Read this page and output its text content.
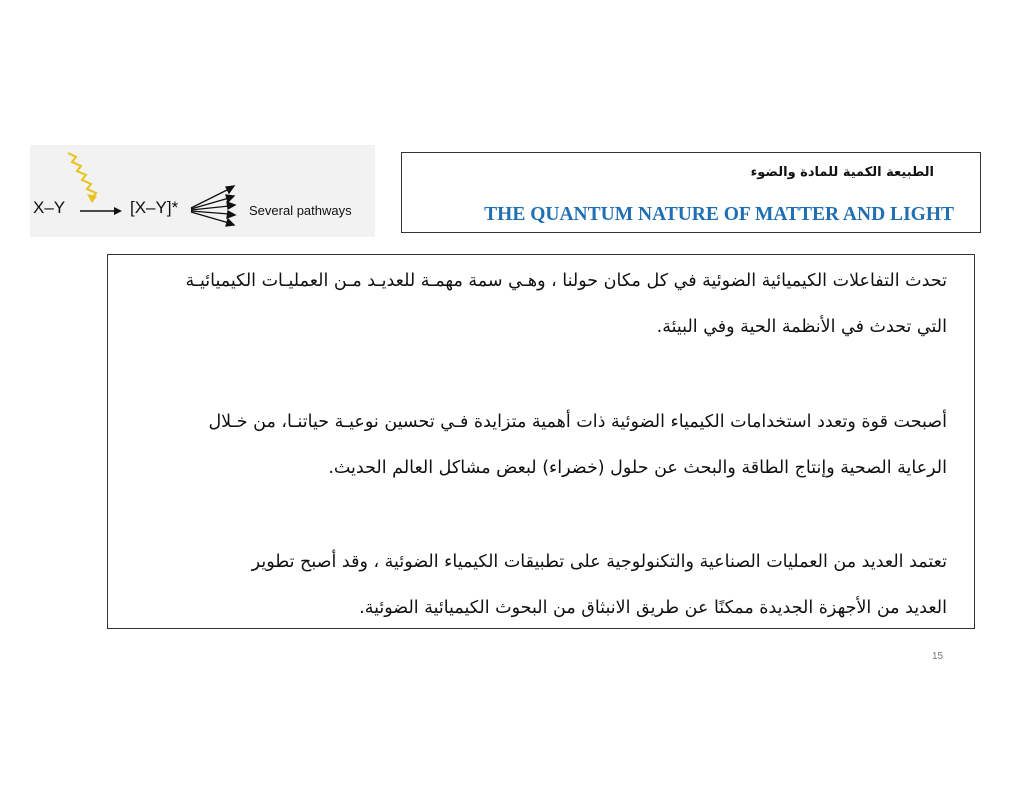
X–Y	[X–Y]*	Several pathways
الطبيعة الكمية للمادة والضوء
THE QUANTUM NATURE OF MATTER AND LIGHT
تحدث التفاعلات الكيميائية الضوئية في كل مكان حولنا ، وهـي سمة مهمـة للعديـد مـن العمليـات الكيميائيـة
التي تحدث في الأنظمة الحية وفي البيئة.
أصبحت قوة وتعدد استخدامات الكيمياء الضوئية ذات أهمية متزايدة فـي تحسين نوعيـة حياتنـا، من خـلال
الرعاية الصحية وإنتاج الطاقة والبحث عن حلول (خضراء) لبعض مشاكل العالم الحديث.
تعتمد العديد من العمليات الصناعية والتكنولوجية على تطبيقات الكيمياء الضوئية ، وقد أصبح تطوير
العديد من الأجهزة الجديدة ممكنًا عن طريق الانبثاق من البحوث الكيميائية الضوئية.
15
